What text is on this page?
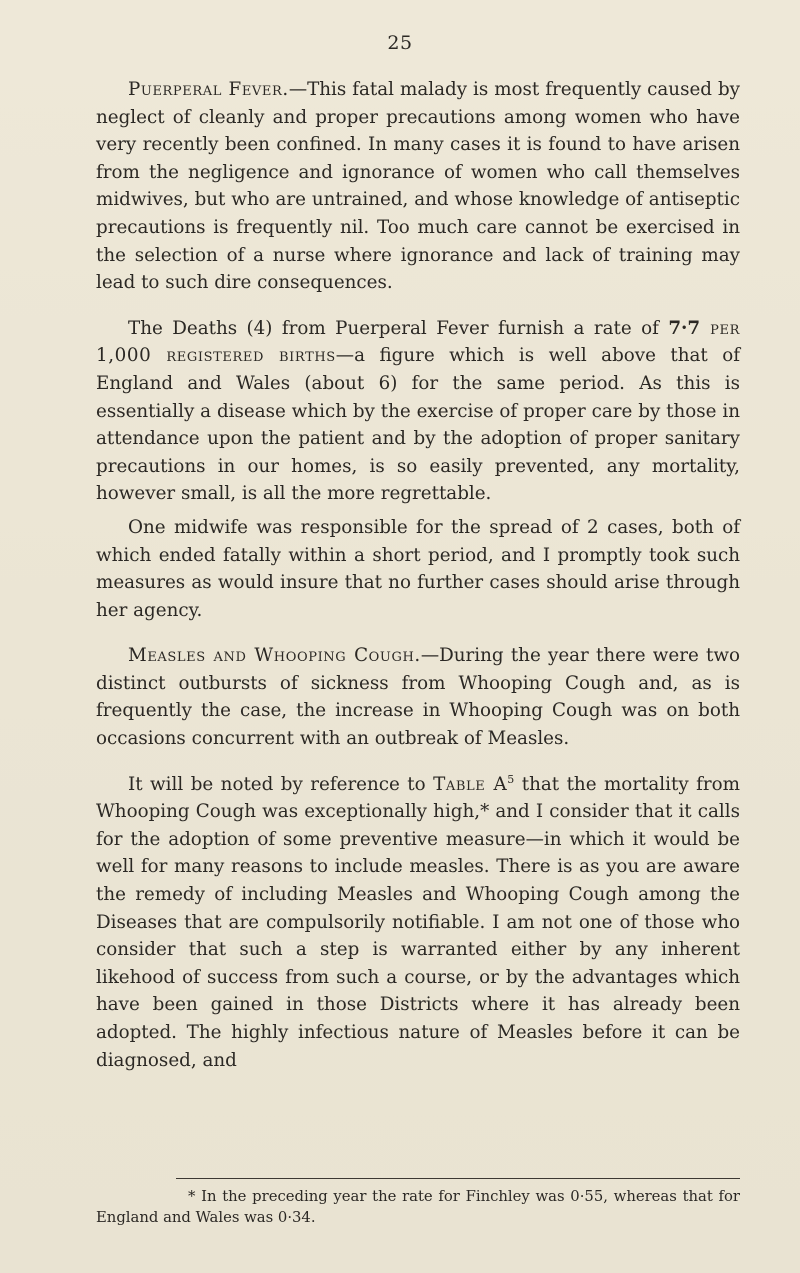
25

Puerperal Fever.—This fatal malady is most frequently caused by neglect of cleanly and proper precautions among women who have very recently been confined. In many cases it is found to have arisen from the negligence and ignorance of women who call themselves midwives, but who are untrained, and whose knowledge of antiseptic precautions is frequently nil. Too much care cannot be exercised in the selection of a nurse where ignorance and lack of training may lead to such dire consequences.

The Deaths (4) from Puerperal Fever furnish a rate of 7·7 per 1,000 registered births—a figure which is well above that of England and Wales (about 6) for the same period. As this is essentially a disease which by the exercise of proper care by those in attendance upon the patient and by the adoption of proper sanitary precautions in our homes, is so easily prevented, any mortality, however small, is all the more regrettable.

One midwife was responsible for the spread of 2 cases, both of which ended fatally within a short period, and I promptly took such measures as would insure that no further cases should arise through her agency.

Measles and Whooping Cough.—During the year there were two distinct outbursts of sickness from Whooping Cough and, as is frequently the case, the increase in Whooping Cough was on both occasions concurrent with an outbreak of Measles.

It will be noted by reference to Table $A^5$ that the mortality from Whooping Cough was exceptionally high,* and I consider that it calls for the adoption of some preventive measure—in which it would be well for many reasons to include measles. There is as you are aware the remedy of including Measles and Whooping Cough among the Diseases that are compulsorily notifiable. I am not one of those who consider that such a step is warranted either by any inherent likehood of success from such a course, or by the advantages which have been gained in those Districts where it has already been adopted. The highly infectious nature of Measles before it can be diagnosed, and

* In the preceding year the rate for Finchley was 0·55, whereas that for England and Wales was 0·34.
